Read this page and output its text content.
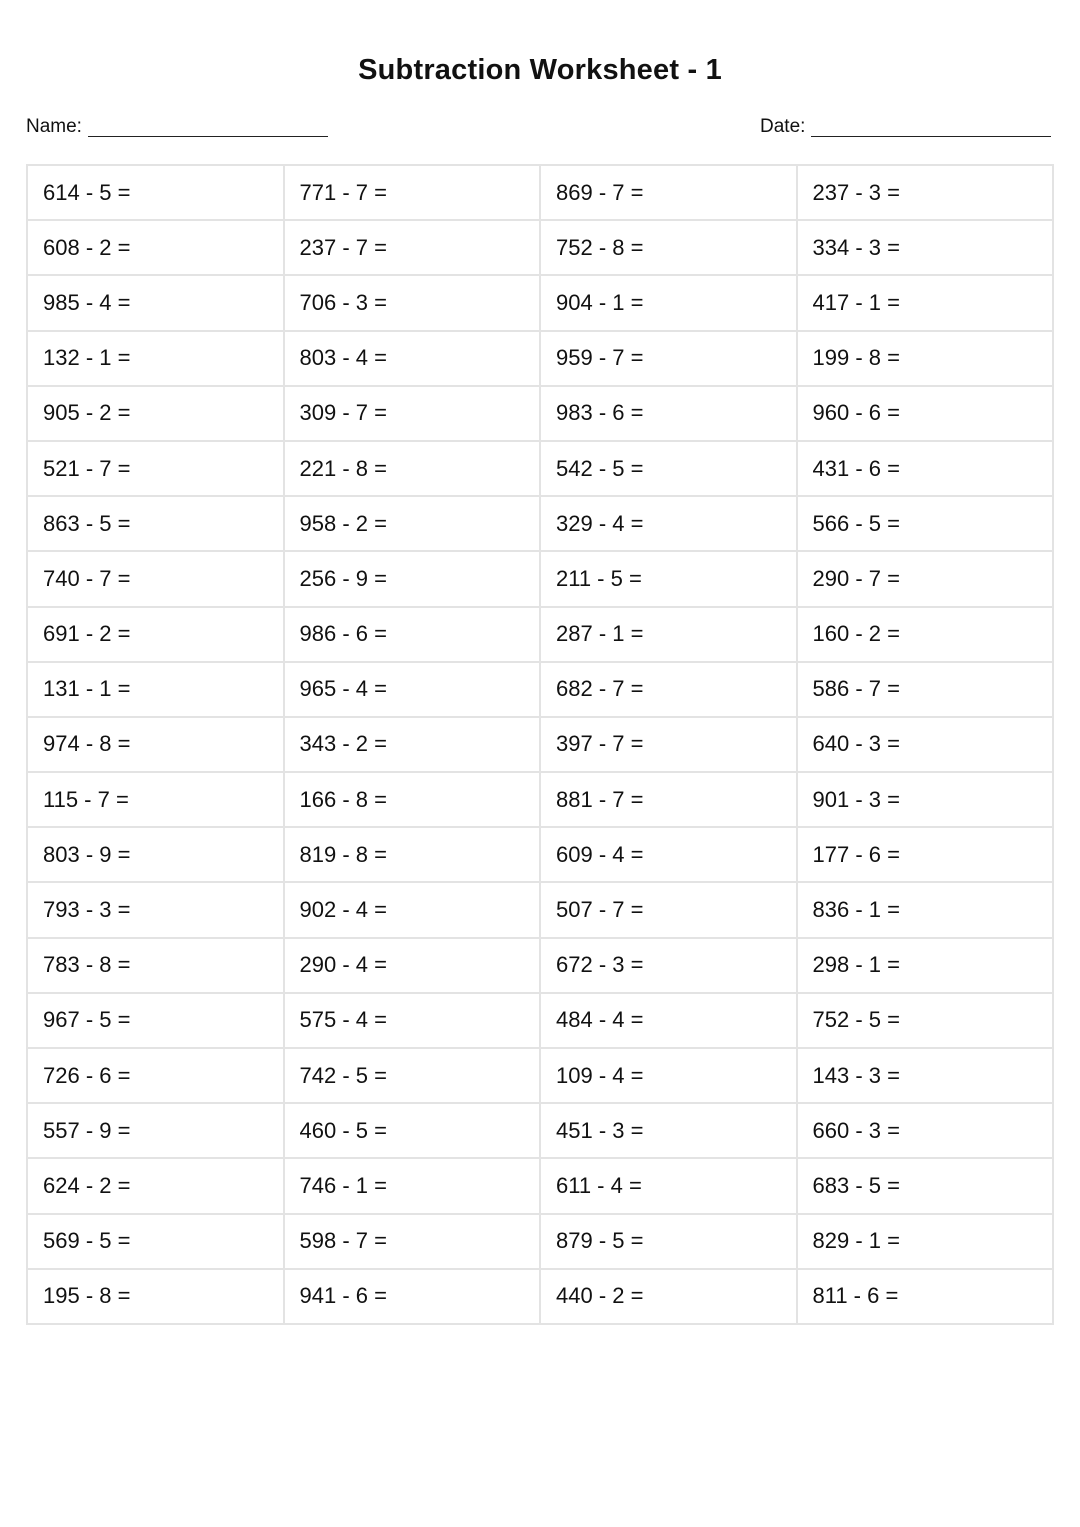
Subtraction Worksheet - 1
Name:	Date:
614 - 5 =	771 - 7 =	869 - 7 =	237 - 3 =
608 - 2 =	237 - 7 =	752 - 8 =	334 - 3 =
985 - 4 =	706 - 3 =	904 - 1 =	417 - 1 =
132 - 1 =	803 - 4 =	959 - 7 =	199 - 8 =
905 - 2 =	309 - 7 =	983 - 6 =	960 - 6 =
521 - 7 =	221 - 8 =	542 - 5 =	431 - 6 =
863 - 5 =	958 - 2 =	329 - 4 =	566 - 5 =
740 - 7 =	256 - 9 =	211 - 5 =	290 - 7 =
691 - 2 =	986 - 6 =	287 - 1 =	160 - 2 =
131 - 1 =	965 - 4 =	682 - 7 =	586 - 7 =
974 - 8 =	343 - 2 =	397 - 7 =	640 - 3 =
115 - 7 =	166 - 8 =	881 - 7 =	901 - 3 =
803 - 9 =	819 - 8 =	609 - 4 =	177 - 6 =
793 - 3 =	902 - 4 =	507 - 7 =	836 - 1 =
783 - 8 =	290 - 4 =	672 - 3 =	298 - 1 =
967 - 5 =	575 - 4 =	484 - 4 =	752 - 5 =
726 - 6 =	742 - 5 =	109 - 4 =	143 - 3 =
557 - 9 =	460 - 5 =	451 - 3 =	660 - 3 =
624 - 2 =	746 - 1 =	611 - 4 =	683 - 5 =
569 - 5 =	598 - 7 =	879 - 5 =	829 - 1 =
195 - 8 =	941 - 6 =	440 - 2 =	811 - 6 =
